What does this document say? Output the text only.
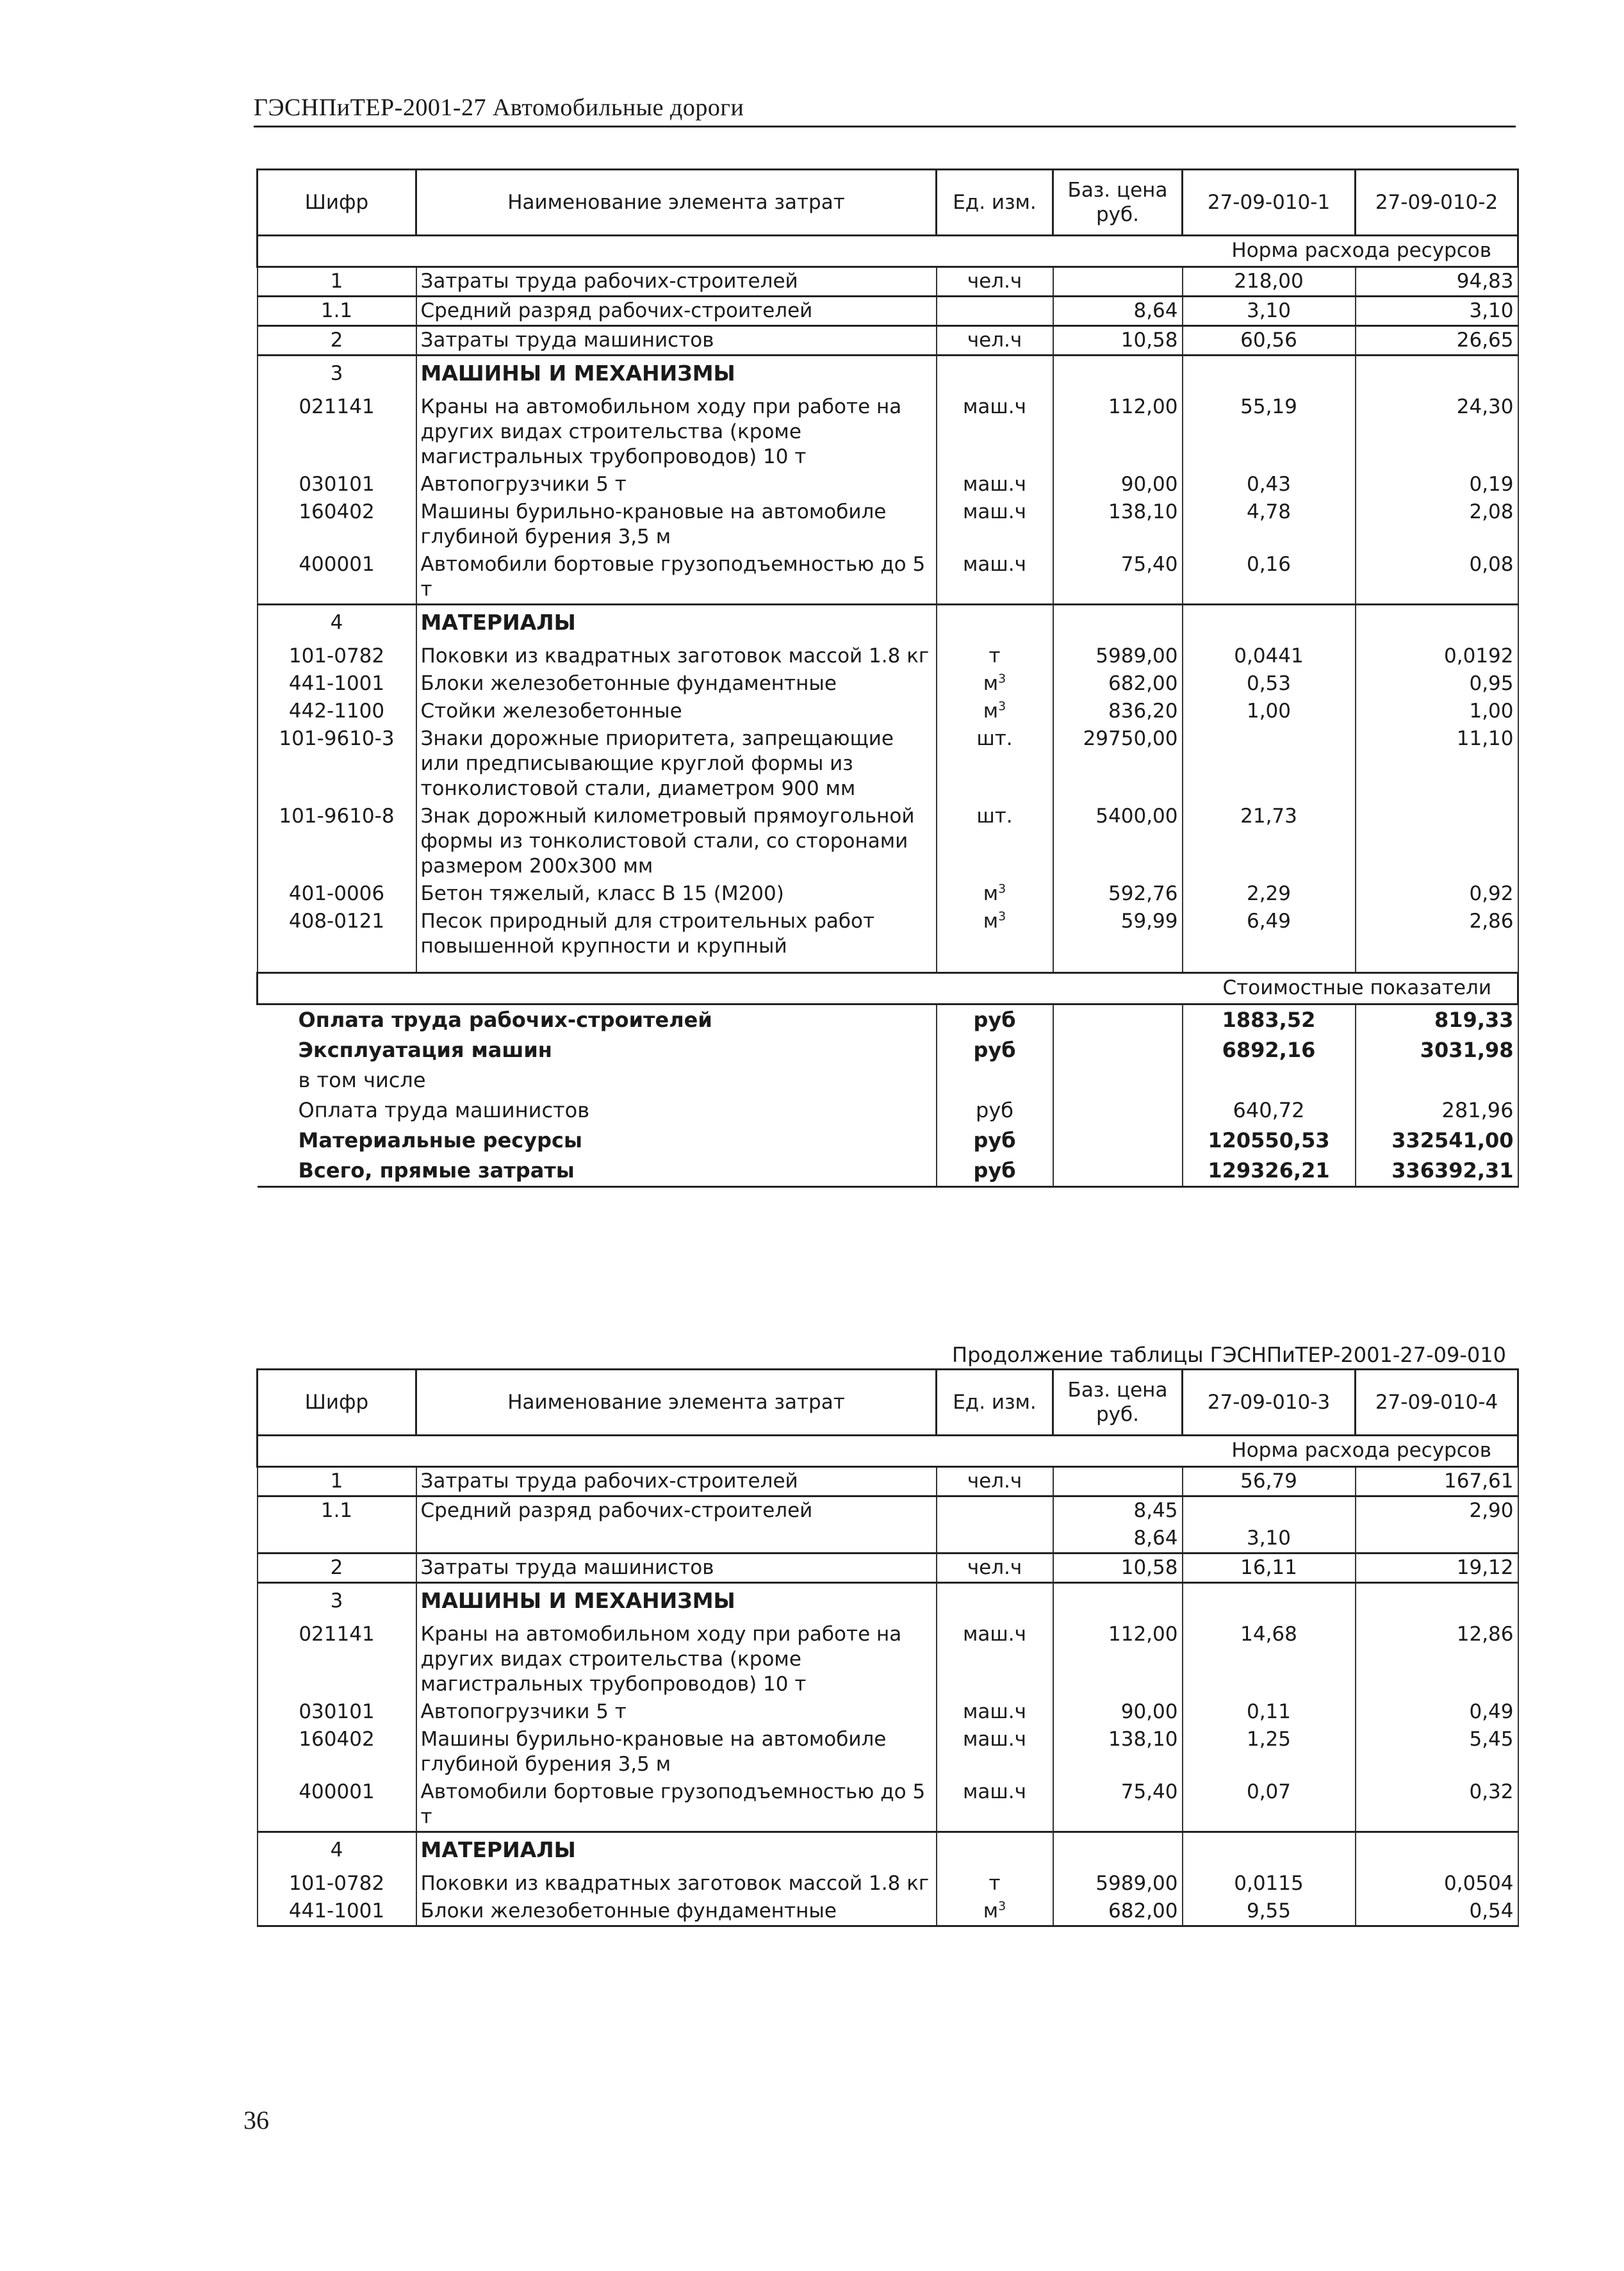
ГЭСНПиТЕР-2001-27 Автомобильные дороги
Шифр	Наименование элемента затрат	Ед. изм.	Баз. цена руб.	27-09-010-1	27-09-010-2
Норма расхода ресурсов					
1	Затраты труда рабочих-строителей	чел.ч		218,00	94,83
1.1	Средний разряд рабочих-строителей		8,64	3,10	3,10
2	Затраты труда машинистов	чел.ч	10,58	60,56	26,65
3	МАШИНЫ И МЕХАНИЗМЫ				
021141	Краны на автомобильном ходу при работе на других видах строительства (кроме магистральных трубопроводов) 10 т	маш.ч	112,00	55,19	24,30
030101	Автопогрузчики 5 т	маш.ч	90,00	0,43	0,19
160402	Машины бурильно-крановые на автомобиле глубиной бурения 3,5 м	маш.ч	138,10	4,78	2,08
400001	Автомобили бортовые грузоподъемностью до 5 т	маш.ч	75,40	0,16	0,08
4	МАТЕРИАЛЫ				
101-0782	Поковки из квадратных заготовок массой 1.8 кг	т	5989,00	0,0441	0,0192
441-1001	Блоки железобетонные фундаментные	$м^3$	682,00	0,53	0,95
442-1100	Стойки железобетонные	$м^3$	836,20	1,00	1,00
101-9610-3	Знаки дорожные приоритета, запрещающие или предписывающие круглой формы из тонколистовой стали, диаметром 900 мм	шт.	29750,00		11,10
101-9610-8	Знак дорожный километровый прямоугольной формы из тонколистовой стали, со сторонами размером 200х300 мм	шт.	5400,00	21,73	
401-0006	Бетон тяжелый, класс В 15 (М200)	$м^3$	592,76	2,29	0,92
408-0121	Песок природный для строительных работ повышенной крупности и крупный	$м^3$	59,99	6,49	2,86

Стоимостные показатели					
Оплата труда рабочих-строителей		руб		1883,52	819,33
Эксплуатация машин		руб		6892,16	3031,98
в том числе					
Оплата труда машинистов		руб		640,72	281,96
Материальные ресурсы		руб		120550,53	332541,00
Всего, прямые затраты		руб		129326,21	336392,31
Продолжение таблицы ГЭСНПиТЕР-2001-27-09-010
Шифр	Наименование элемента затрат	Ед. изм.	Баз. цена руб.	27-09-010-3	27-09-010-4
Норма расхода ресурсов					
1	Затраты труда рабочих-строителей	чел.ч		56,79	167,61
1.1	Средний разряд рабочих-строителей		8,45		2,90
			8,64	3,10	
2	Затраты труда машинистов	чел.ч	10,58	16,11	19,12
3	МАШИНЫ И МЕХАНИЗМЫ				
021141	Краны на автомобильном ходу при работе на других видах строительства (кроме магистральных трубопроводов) 10 т	маш.ч	112,00	14,68	12,86
030101	Автопогрузчики 5 т	маш.ч	90,00	0,11	0,49
160402	Машины бурильно-крановые на автомобиле глубиной бурения 3,5 м	маш.ч	138,10	1,25	5,45
400001	Автомобили бортовые грузоподъемностью до 5 т	маш.ч	75,40	0,07	0,32
4	МАТЕРИАЛЫ				
101-0782	Поковки из квадратных заготовок массой 1.8 кг	т	5989,00	0,0115	0,0504
441-1001	Блоки железобетонные фундаментные	$м^3$	682,00	9,55	0,54
36
